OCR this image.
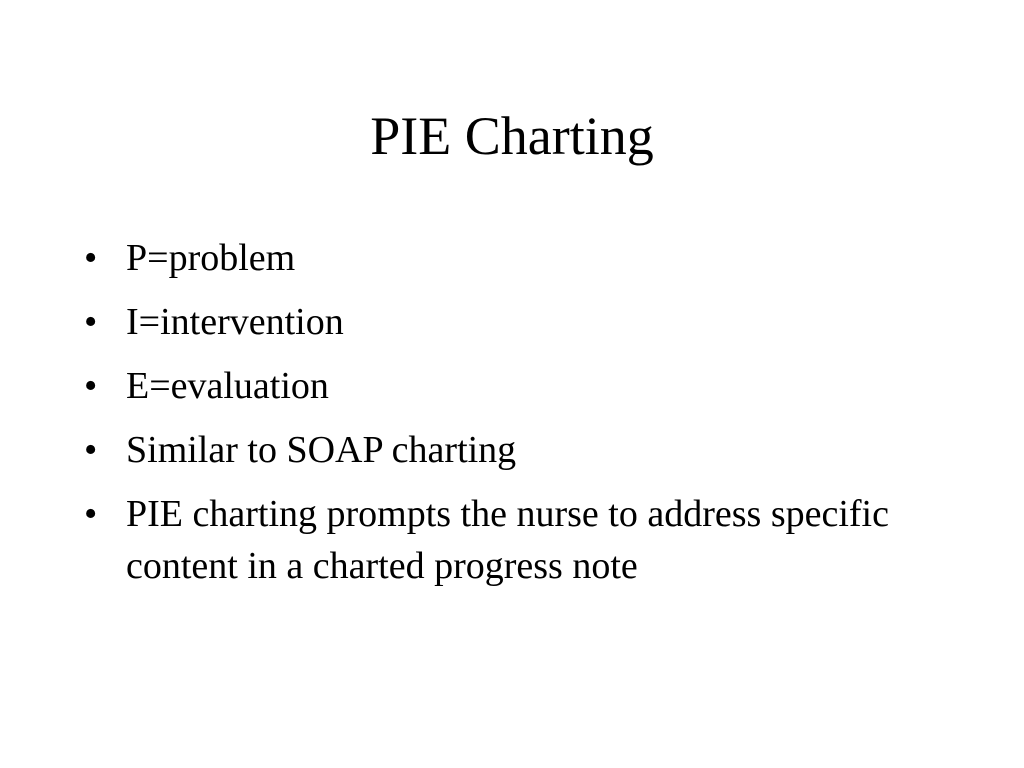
PIE Charting
• P=problem
• I=intervention
• E=evaluation
• Similar to SOAP charting
• PIE charting prompts the nurse to address specific content in a charted progress note
